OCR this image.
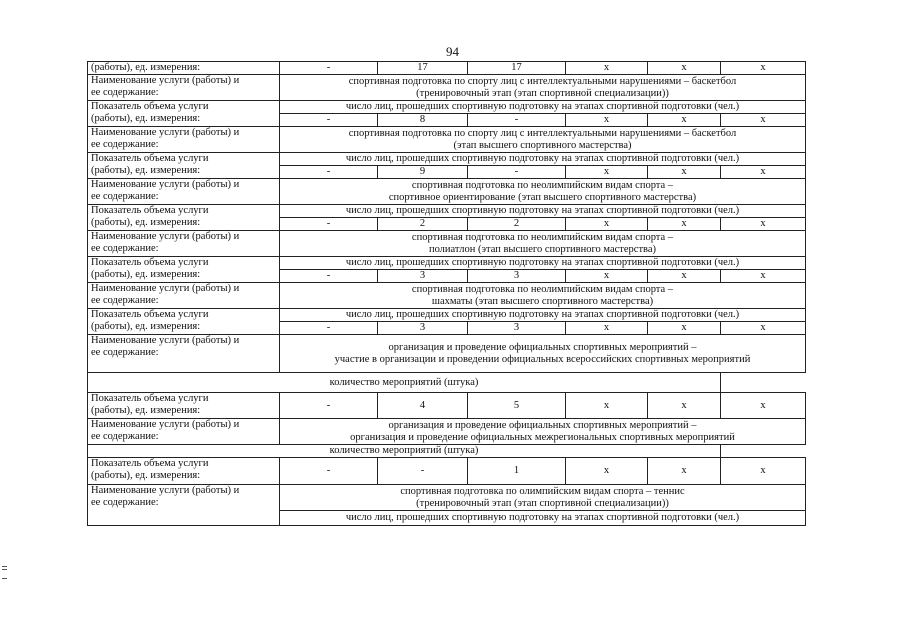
94
(работы), ед. измерения:	-	17	17	x	x	x

Наименование услуги (работы) и
ее содержание:	спортивная подготовка по спорту лиц с интеллектуальными нарушениями – баскетбол
(тренировочный этап (этап спортивной специализации))					

Показатель объема услуги
(работы), ед. измерения:	число лиц, прошедших спортивную подготовку на этапах спортивной подготовки (чел.)					
	-	8	-	x	x	x

Наименование услуги (работы) и
ее содержание:	спортивная подготовка по спорту лиц с интеллектуальными нарушениями – баскетбол
(этап высшего спортивного мастерства)					

Показатель объема услуги
(работы), ед. измерения:	число лиц, прошедших спортивную подготовку на этапах спортивной подготовки (чел.)					
	-	9	-	x	x	x

Наименование услуги (работы) и
ее содержание:	спортивная подготовка по неолимпийским видам спорта –
спортивное ориентирование (этап высшего спортивного мастерства)					

Показатель объема услуги
(работы), ед. измерения:	число лиц, прошедших спортивную подготовку на этапах спортивной подготовки (чел.)					
	-	2	2	x	x	x

Наименование услуги (работы) и
ее содержание:	спортивная подготовка по неолимпийским видам спорта –
полиатлон (этап высшего спортивного мастерства)					

Показатель объема услуги
(работы), ед. измерения:	число лиц, прошедших спортивную подготовку на этапах спортивной подготовки (чел.)					
	-	3	3	x	x	x

Наименование услуги (работы) и
ее содержание:	спортивная подготовка по неолимпийским видам спорта –
шахматы (этап высшего спортивного мастерства)					

Показатель объема услуги
(работы), ед. измерения:	число лиц, прошедших спортивную подготовку на этапах спортивной подготовки (чел.)					
	-	3	3	x	x	x

Наименование услуги (работы) и
ее содержание:	организация и проведение официальных спортивных мероприятий –
участие в организации и проведении официальных всероссийских спортивных мероприятий					

количество мероприятий (штука)						

Показатель объема услуги
(работы), ед. измерения:	-	4	5	x	x	x

Наименование услуги (работы) и
ее содержание:	организация и проведение официальных спортивных мероприятий –
организация и проведение официальных межрегиональных спортивных мероприятий					

количество мероприятий (штука)						

Показатель объема услуги
(работы), ед. измерения:	-	-	1	x	x	x

Наименование услуги (работы) и
ее содержание:	спортивная подготовка по олимпийским видам спорта – теннис
(тренировочный этап (этап спортивной специализации))					

	число лиц, прошедших спортивную подготовку на этапах спортивной подготовки (чел.)					
